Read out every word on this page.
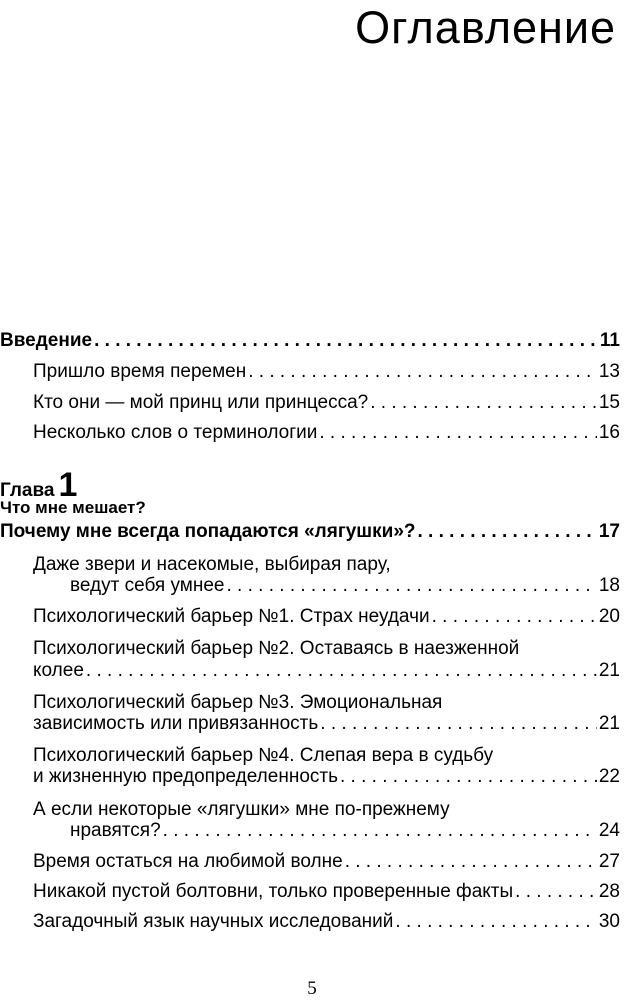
Оглавление
Введение . . .	11
Пришло время перемен . . .	13
Кто они — мой принц или принцесса? . . .	15
Несколько слов о терминологии . . .	16
Глава 1
Что мне мешает?
Почему мне всегда попадаются «лягушки»? . . .	17
Даже звери и насекомые, выбирая пару,
ведут себя умнее . . .	18
Психологический барьер №1. Страх неудачи . . .	20
Психологический барьер №2. Оставаясь в наезженной
колее . . .	21
Психологический барьер №3. Эмоциональная
зависимость или привязанность . . .	21
Психологический барьер №4. Слепая вера в судьбу
и жизненную предопределенность . . .	22
А если некоторые «лягушки» мне по-прежнему
нравятся? . . .	24
Время остаться на любимой волне . . .	27
Никакой пустой болтовни, только проверенные факты . . .	28
Загадочный язык научных исследований . . .	30
5
